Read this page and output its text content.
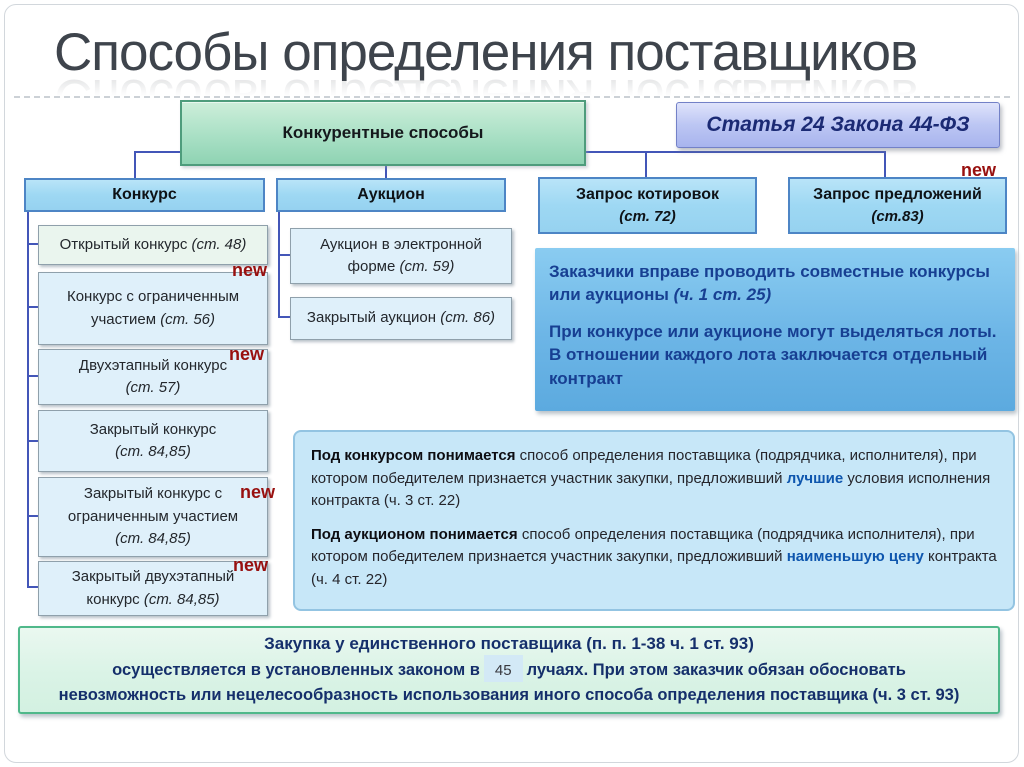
Способы определения поставщиков
Конкурентные способы	Статья 24 Закона 44-ФЗ
new
Конкурс	Аукцион	Запрос котировок
(ст. 72)
Запрос предложений
(ст.83)
Открытый конкурс (ст. 48)
Конкурс с ограниченным участием (ст. 56)
Двухэтапный конкурс
(ст. 57)
Закрытый конкурс
(ст. 84,85)
Закрытый конкурс с ограниченным участием
(ст. 84,85)
Закрытый двухэтапный конкурс (ст. 84,85)
new
new
new
new
Аукцион в электронной форме (ст. 59)
Закрытый аукцион (ст. 86)

Заказчики вправе проводить совместные конкурсы или аукционы (ч. 1 ст. 25)

При конкурсе или аукционе могут выделяться лоты. В отношении каждого лота заключается отдельный контракт

Под конкурсом понимается способ определения поставщика (подрядчика, исполнителя), при котором победителем признается участник закупки, предложивший лучшие условия исполнения контракта (ч. 3 ст. 22)

Под аукционом понимается способ определения поставщика (подрядчика исполнителя), при котором победителем признается участник закупки, предложивший наименьшую цену контракта (ч. 4 ст. 22)

Закупка у единственного поставщика (п. п. 1-38 ч. 1 ст. 93)
осуществляется в установленных законом в 45 лучаях. При этом заказчик обязан обосновать
невозможность или нецелесообразность использования иного способа определения поставщика (ч. 3 ст. 93)
